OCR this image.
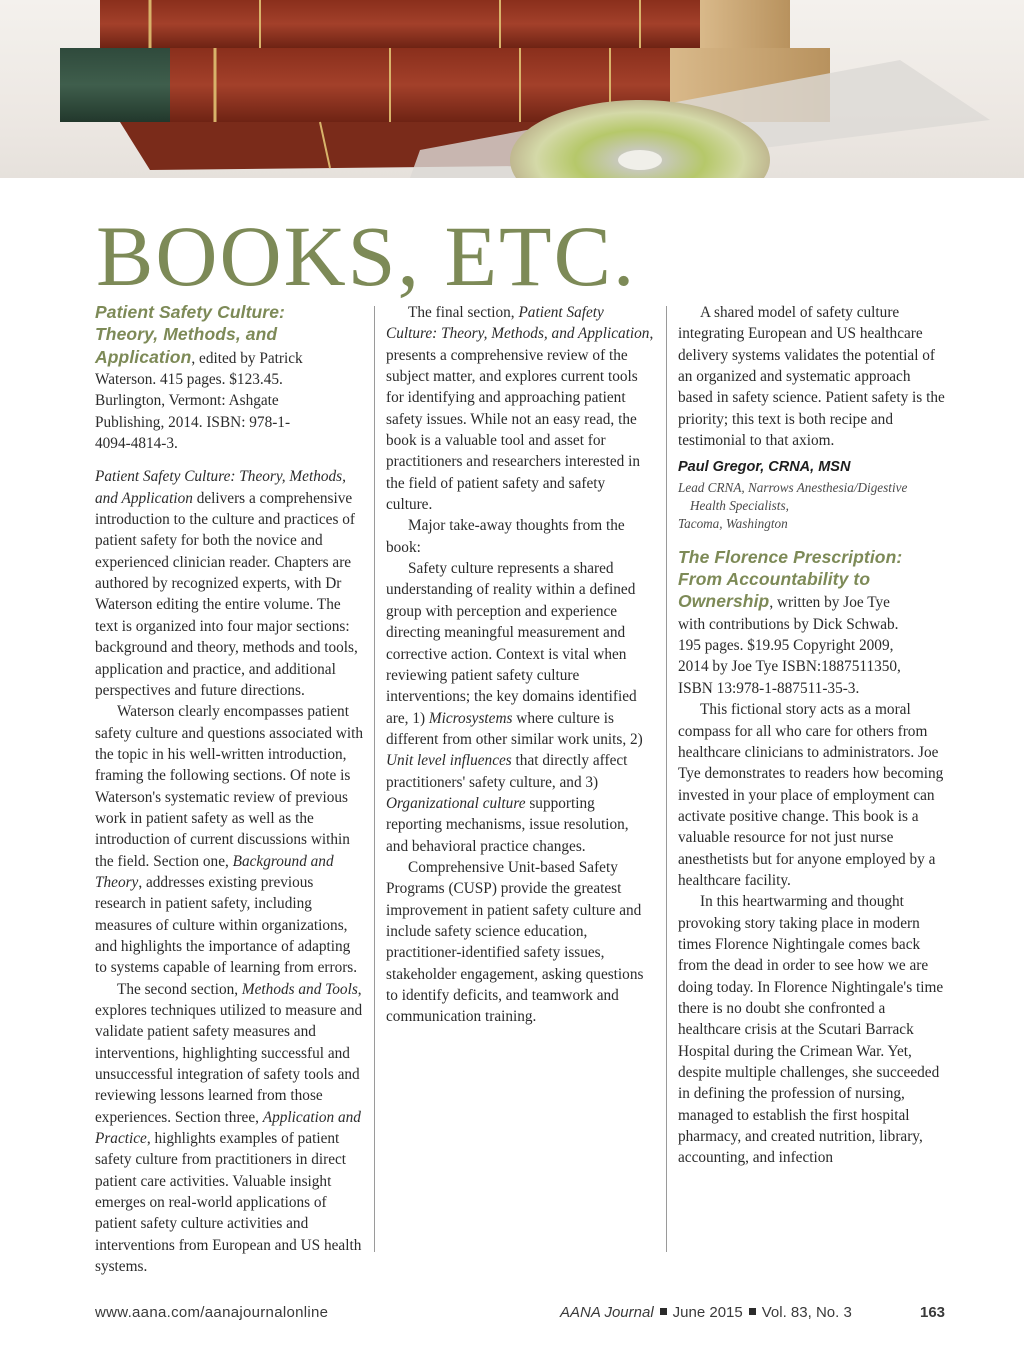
BOOKS, ETC.

Patient Safety Culture:
Theory, Methods, and
Application, edited by Patrick
Waterson. 415 pages. $123.45.
Burlington, Vermont: Ashgate
Publishing, 2014. ISBN: 978-1-
4094-4814-3.

Patient Safety Culture: Theory, Methods, and Application delivers a comprehensive introduction to the culture and practices of patient safety for both the novice and experienced clinician reader. Chapters are authored by recognized experts, with Dr Waterson editing the entire volume. The text is organized into four major sections: background and theory, methods and tools, application and practice, and additional perspectives and future directions.

Waterson clearly encompasses patient safety culture and questions associated with the topic in his well-written introduction, framing the following sections. Of note is Waterson's systematic review of previous work in patient safety as well as the introduction of current discussions within the field. Section one, Background and Theory, addresses existing previous research in patient safety, including measures of culture within organizations, and highlights the importance of adapting to systems capable of learning from errors.

The second section, Methods and Tools, explores techniques utilized to measure and validate patient safety measures and interventions, highlighting successful and unsuccessful integration of safety tools and reviewing lessons learned from those experiences. Section three, Application and Practice, highlights examples of patient safety culture from practitioners in direct patient care activities. Valuable insight emerges on real-world applications of patient safety culture activities and interventions from European and US health systems.

The final section, Patient Safety Culture: Theory, Methods, and Application, presents a comprehensive review of the subject matter, and explores current tools for identifying and approaching patient safety issues. While not an easy read, the book is a valuable tool and asset for practitioners and researchers interested in the field of patient safety and safety culture.

Major take-away thoughts from the book:

Safety culture represents a shared understanding of reality within a defined group with perception and experience directing meaningful measurement and corrective action. Context is vital when reviewing patient safety culture interventions; the key domains identified are, 1) Microsystems where culture is different from other similar work units, 2) Unit level influences that directly affect practitioners' safety culture, and 3) Organizational culture supporting reporting mechanisms, issue resolution, and behavioral practice changes.

Comprehensive Unit-based Safety Programs (CUSP) provide the greatest improvement in patient safety culture and include safety science education, practitioner-identified safety issues, stakeholder engagement, asking questions to identify deficits, and teamwork and communication training.

A shared model of safety culture integrating European and US healthcare delivery systems validates the potential of an organized and systematic approach based in safety science. Patient safety is the priority; this text is both recipe and testimonial to that axiom.

Paul Gregor, CRNA, MSN

Lead CRNA, Narrows Anesthesia/Digestive
Health Specialists,
Tacoma, Washington

The Florence Prescription:
From Accountability to
Ownership, written by Joe Tye
with contributions by Dick Schwab.
195 pages. $19.95 Copyright 2009,
2014 by Joe Tye ISBN:1887511350,
ISBN 13:978-1-887511-35-3.

This fictional story acts as a moral compass for all who care for others from healthcare clinicians to administrators. Joe Tye demonstrates to readers how becoming invested in your place of employment can activate positive change. This book is a valuable resource for not just nurse anesthetists but for anyone employed by a healthcare facility.

In this heartwarming and thought provoking story taking place in modern times Florence Nightingale comes back from the dead in order to see how we are doing today. In Florence Nightingale's time there is no doubt she confronted a healthcare crisis at the Scutari Barrack Hospital during the Crimean War. Yet, despite multiple challenges, she succeeded in defining the profession of nursing, managed to establish the first hospital pharmacy, and created nutrition, library, accounting, and infection

www.aana.com/aanajournalonline	AANA Journal June 2015 Vol. 83, No. 3	163
